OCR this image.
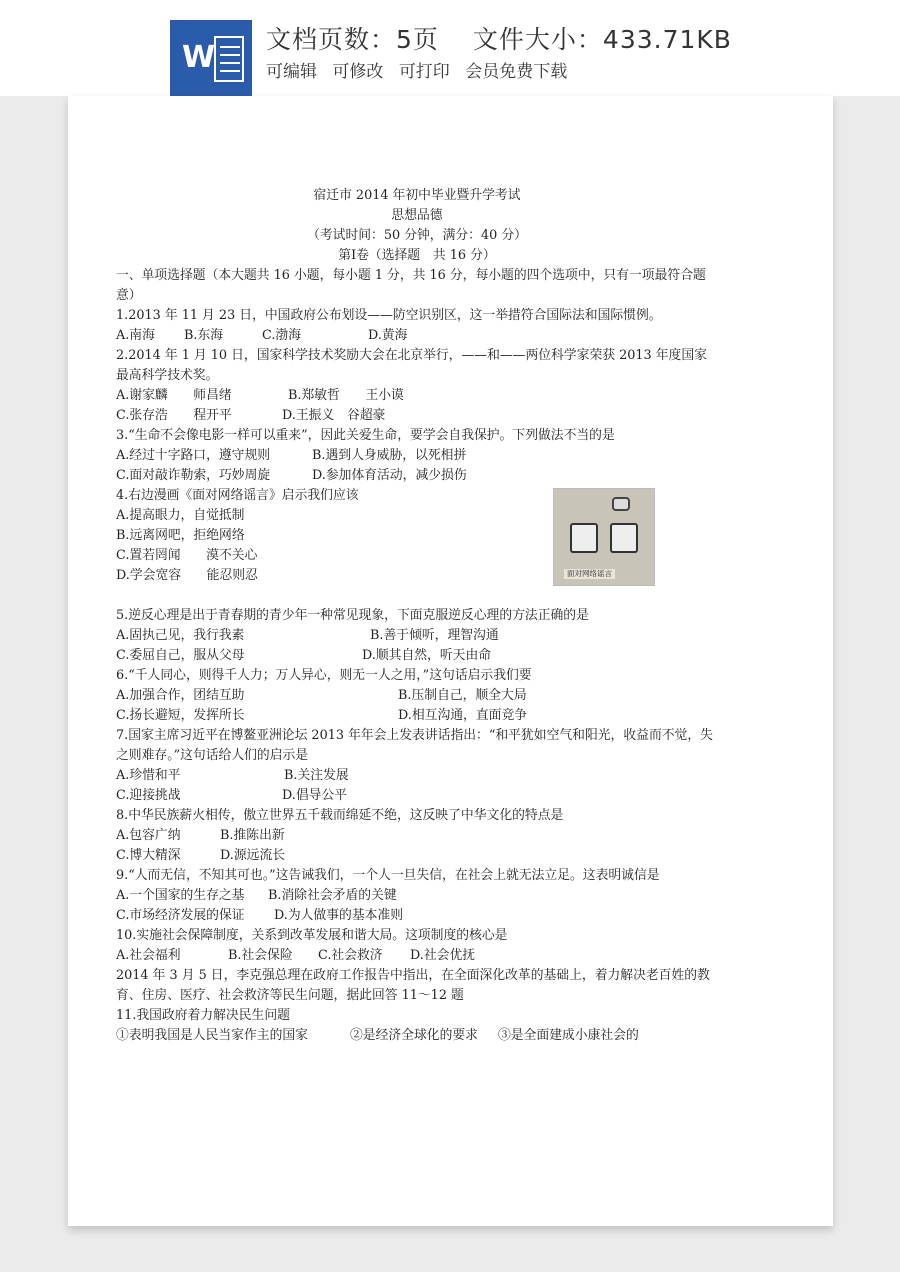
W
文档页数：5页 文件大小：433.71KB
可编辑 可修改 可打印 会员免费下载
宿迁市 2014 年初中毕业暨升学考试
思想品德
（考试时间：50 分钟，满分：40 分）
第Ⅰ卷（选择题　共 16 分）
一、单项选择题（本大题共 16 小题，每小题 1 分，共 16 分，每小题的四个选项中，只有一项最符合题意）
1.2013 年 11 月 23 日，中国政府公布划设——防空识别区，这一举措符合国际法和国际惯例。
A.南海 B.东海	C.渤海	D.黄海
2.2014 年 1 月 10 日，国家科学技术奖励大会在北京举行，——和——两位科学家荣获 2013 年度国家最高科学技术奖。
A.谢家麟　　师昌绪	B.郑敏哲　　王小谟
C.张存浩　　程开平	D.王振义　谷超豪
3.“生命不会像电影一样可以重来”，因此关爱生命，要学会自我保护。下列做法不当的是
A.经过十字路口，遵守规则	B.遇到人身威胁，以死相拼
C.面对敲诈勒索，巧妙周旋	D.参加体育活动，减少损伤
4.右边漫画《面对网络谣言》启示我们应该
A.提高眼力，自觉抵制
B.远离网吧，拒绝网络
C.置若罔闻　　漠不关心
D.学会宽容　　能忍则忍
5.逆反心理是出于青春期的青少年一种常见现象，下面克服逆反心理的方法正确的是
A.固执己见，我行我素	B.善于倾听，理智沟通
C.委屈自己，服从父母	D.顺其自然，听天由命
6.“千人同心，则得千人力；万人异心，则无一人之用，”这句话启示我们要
A.加强合作，团结互助	B.压制自己，顺全大局
C.扬长避短，发挥所长	D.相互沟通，直面竞争
7.国家主席习近平在博鳌亚洲论坛 2013 年年会上发表讲话指出：“和平犹如空气和阳光，收益而不觉，失之则难存。”这句话给人们的启示是
A.珍惜和平	B.关注发展
C.迎接挑战	D.倡导公平
8.中华民族薪火相传，傲立世界五千载而绵延不绝，这反映了中华文化的特点是
A.包容广纳	B.推陈出新
C.博大精深	D.源远流长
9.“人而无信，不知其可也。”这告诫我们，一个人一旦失信，在社会上就无法立足。这表明诚信是
A.一个国家的生存之基 B.消除社会矛盾的关键
C.市场经济发展的保证 D.为人做事的基本准则
10.实施社会保障制度，关系到改革发展和谐大局。这项制度的核心是
A.社会福利	B.社会保险 C.社会救济 D.社会优抚
2014 年 3 月 5 日，李克强总理在政府工作报告中指出，在全面深化改革的基础上，着力解决老百姓的教育、住房、医疗、社会救济等民生问题，据此回答 11～12 题
11.我国政府着力解决民生问题
①表明我国是人民当家作主的国家	②是经济全球化的要求 ③是全面建成小康社会的
面对网络谣言
